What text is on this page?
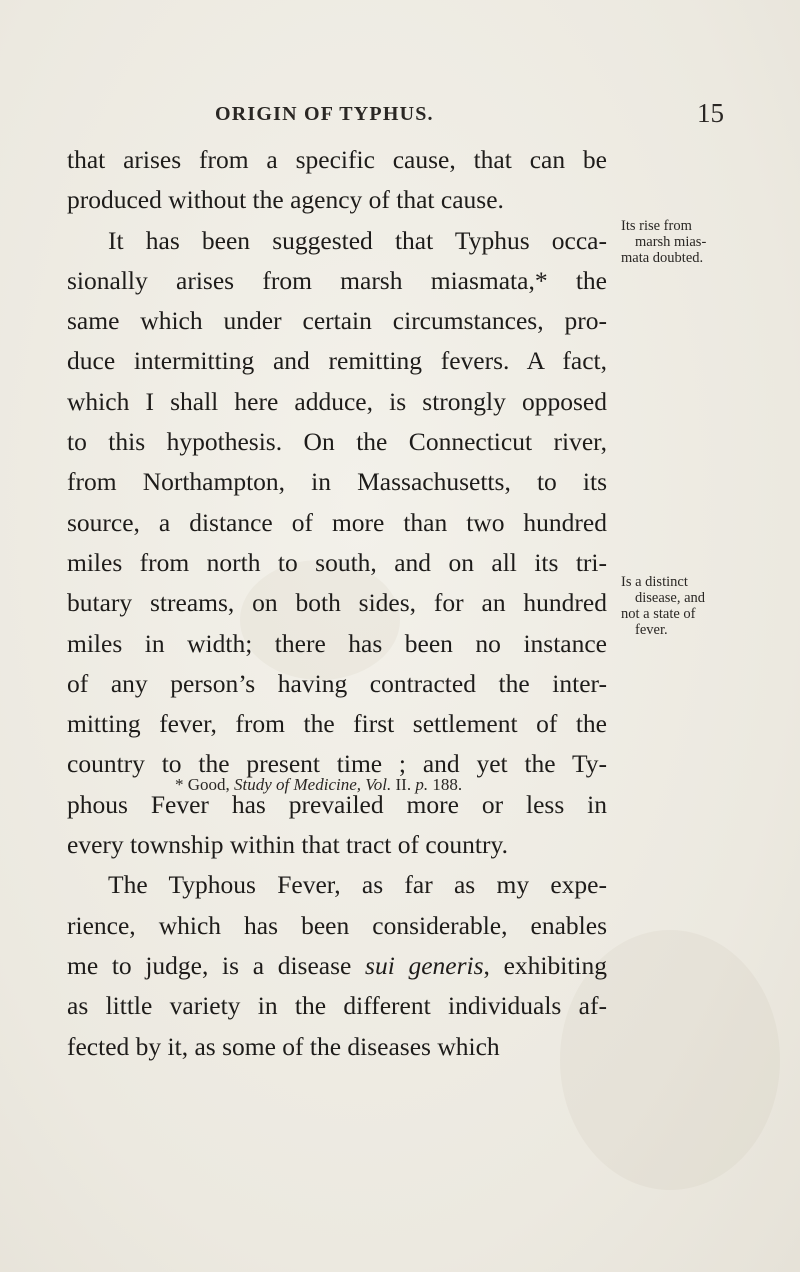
ORIGIN OF TYPHUS.	15
that arises from a specific cause, that can be
produced without the agency of that cause.
It has been suggested that Typhus occa-
sionally arises from marsh miasmata,* the
same which under certain circumstances, pro-
duce intermitting and remitting fevers. A fact,
which I shall here adduce, is strongly opposed
to this hypothesis. On the Connecticut river,
from Northampton, in Massachusetts, to its
source, a distance of more than two hundred
miles from north to south, and on all its tri-
butary streams, on both sides, for an hundred
miles in width; there has been no instance
of any person’s having contracted the inter-
mitting fever, from the first settlement of the
country to the present time ; and yet the Ty-
phous Fever has prevailed more or less in
every township within that tract of country.
The Typhous Fever, as far as my expe-
rience, which has been considerable, enables
me to judge, is a disease sui generis, exhibiting
as little variety in the different individuals af-
fected by it, as some of the diseases which
Its rise from
marsh mias-
mata doubted.
Is a distinct
disease, and
not a state of
fever.
* Good, Study of Medicine, Vol. II. p. 188.
